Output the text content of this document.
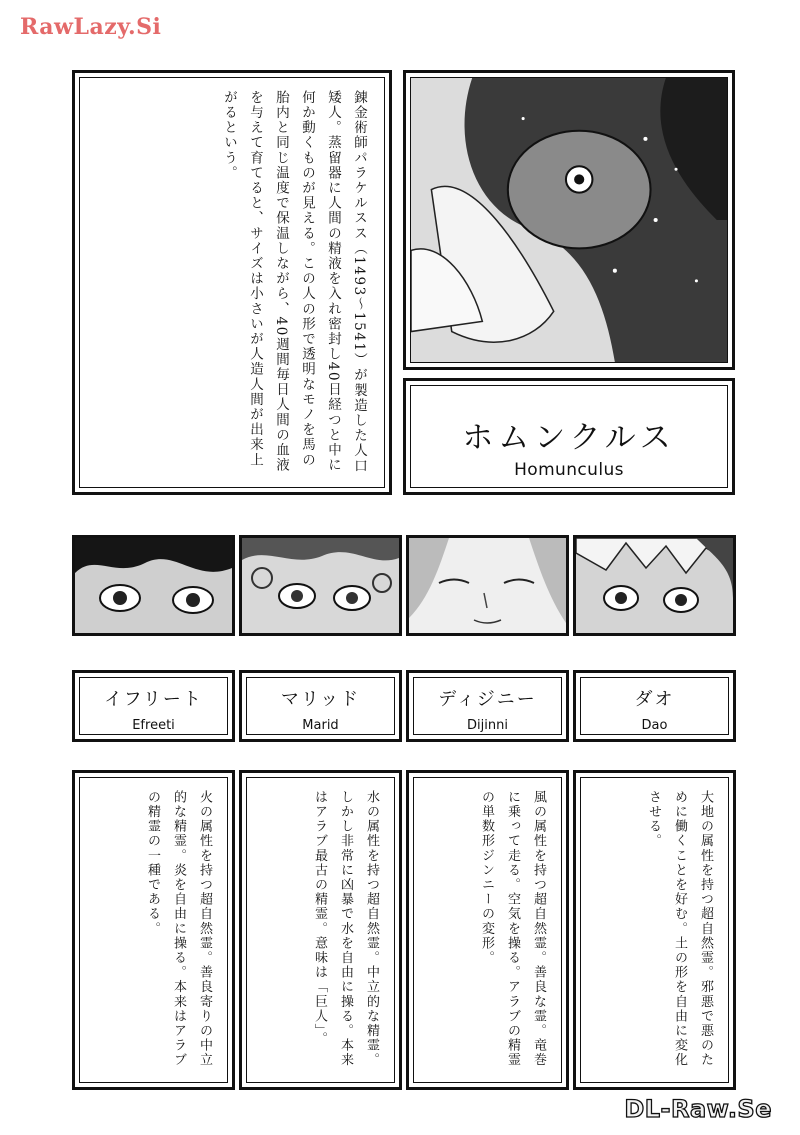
RawLazy.Si
錬金術師パラケルスス（1493〜1541）が製造した人口矮人。蒸留器に人間の精液を入れ密封し40日経つと中に何か動くものが見える。この人の形で透明なモノを馬の胎内と同じ温度で保温しながら、40週間毎日人間の血液を与えて育てると、サイズは小さいが人造人間が出来上がるという。
ホムンクルス
Homunculus
イフリート
Efreeti
マリッド
Marid
ディジニー
Dijinni
ダオ
Dao
火の属性を持つ超自然霊。善良寄りの中立的な精霊。炎を自由に操る。本来はアラブの精霊の一種である。	水の属性を持つ超自然霊。中立的な精霊。しかし非常に凶暴で水を自由に操る。本来はアラブ最古の精霊。意味は「巨人」。	風の属性を持つ超自然霊。善良な霊。竜巻に乗って走る。空気を操る。アラブの精霊の単数形ジンニーの変形。	大地の属性を持つ超自然霊。邪悪で悪のために働くことを好む。土の形を自由に変化させる。
DL-Raw.Se
